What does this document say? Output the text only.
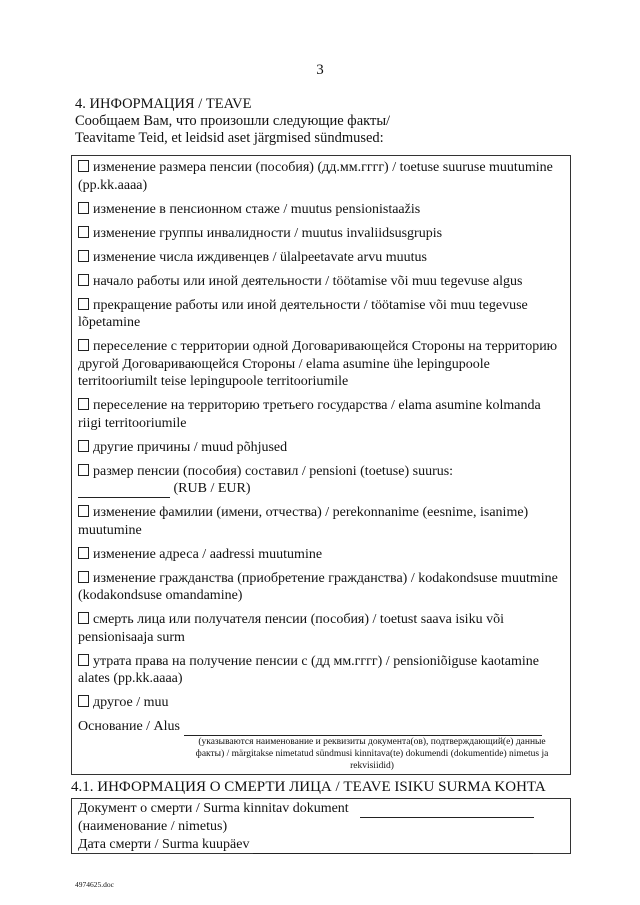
3
4. ИНФОРМАЦИЯ / TEAVE
Сообщаем Вам, что произошли следующие факты/
Teavitame Teid, et leidsid aset järgmised sündmused:
изменение размера пенсии (пособия) (дд.мм.гггг) / toetuse suuruse muutumine (pp.kk.aaaa)
изменение в пенсионном стаже / muutus pensionistaažis
изменение группы инвалидности / muutus invaliidsusgrupis
изменение числа иждивенцев / ülalpeetavate arvu muutus
начало работы или иной деятельности / töötamise või muu tegevuse algus
прекращение работы или иной деятельности / töötamise või muu tegevuse lõpetamine
переселение с территории одной Договаривающейся Стороны на территорию другой Договаривающейся Стороны / elama asumine ühe lepingupoole territooriumilt teise lepingupoole territooriumile
переселение на территорию третьего государства / elama asumine kolmanda riigi territooriumile
другие причины / muud põhjused
размер пенсии (пособия) составил / pensioni (toetuse) suurus:
(RUB / EUR)
изменение фамилии (имени, отчества) / perekonnanime (eesnime, isanime) muutumine
изменение адреса / aadressi muutumine
изменение гражданства (приобретение гражданства) / kodakondsuse muutmine (kodakondsuse omandamine)
смерть лица или получателя пенсии (пособия) / toetust saava isiku või pensionisaaja surm
утрата права на получение пенсии с (дд мм.гггг) / pensioniõiguse kaotamine alates (pp.kk.aaaa)
другое / muu
Основание / Alus
(указываются наименование и реквизиты документа(ов), подтверждающий(е) данные факты) / märgitakse nimetatud sündmusi kinnitava(te) dokumendi (dokumentide) nimetus ja rekvisiidid)
4.1. ИНФОРМАЦИЯ О СМЕРТИ ЛИЦА / TEAVE ISIKU SURMA KOHTA
Документ о смерти / Surma kinnitav dokument
(наименование / nimetus)
Дата смерти / Surma kuupäev
4974625.doc
